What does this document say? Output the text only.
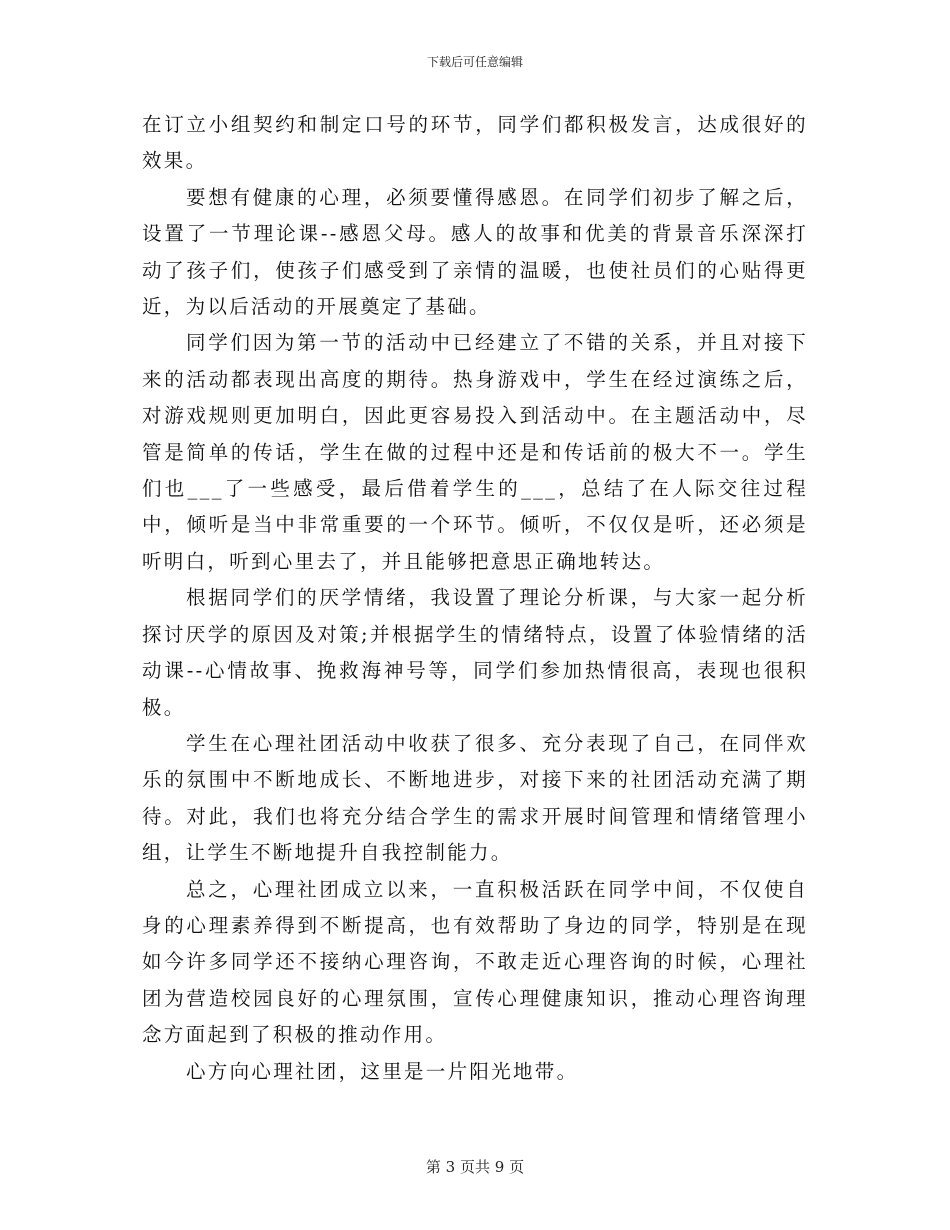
下载后可任意编辑

在订立小组契约和制定口号的环节，同学们都积极发言，达成很好的效果。

要想有健康的心理，必须要懂得感恩。在同学们初步了解之后，设置了一节理论课--感恩父母。感人的故事和优美的背景音乐深深打动了孩子们，使孩子们感受到了亲情的温暖，也使社员们的心贴得更近，为以后活动的开展奠定了基础。

同学们因为第一节的活动中已经建立了不错的关系，并且对接下来的活动都表现出高度的期待。热身游戏中，学生在经过演练之后，对游戏规则更加明白，因此更容易投入到活动中。在主题活动中，尽管是简单的传话，学生在做的过程中还是和传话前的极大不一。学生们也___了一些感受，最后借着学生的___，总结了在人际交往过程中，倾听是当中非常重要的一个环节。倾听，不仅仅是听，还必须是听明白，听到心里去了，并且能够把意思正确地转达。

根据同学们的厌学情绪，我设置了理论分析课，与大家一起分析探讨厌学的原因及对策;并根据学生的情绪特点，设置了体验情绪的活动课--心情故事、挽救海神号等，同学们参加热情很高，表现也很积极。

学生在心理社团活动中收获了很多、充分表现了自己，在同伴欢乐的氛围中不断地成长、不断地进步，对接下来的社团活动充满了期待。对此，我们也将充分结合学生的需求开展时间管理和情绪管理小组，让学生不断地提升自我控制能力。

总之，心理社团成立以来，一直积极活跃在同学中间，不仅使自身的心理素养得到不断提高，也有效帮助了身边的同学，特别是在现如今许多同学还不接纳心理咨询，不敢走近心理咨询的时候，心理社团为营造校园良好的心理氛围，宣传心理健康知识，推动心理咨询理念方面起到了积极的推动作用。

心方向心理社团，这里是一片阳光地带。

第 3 页共 9 页
